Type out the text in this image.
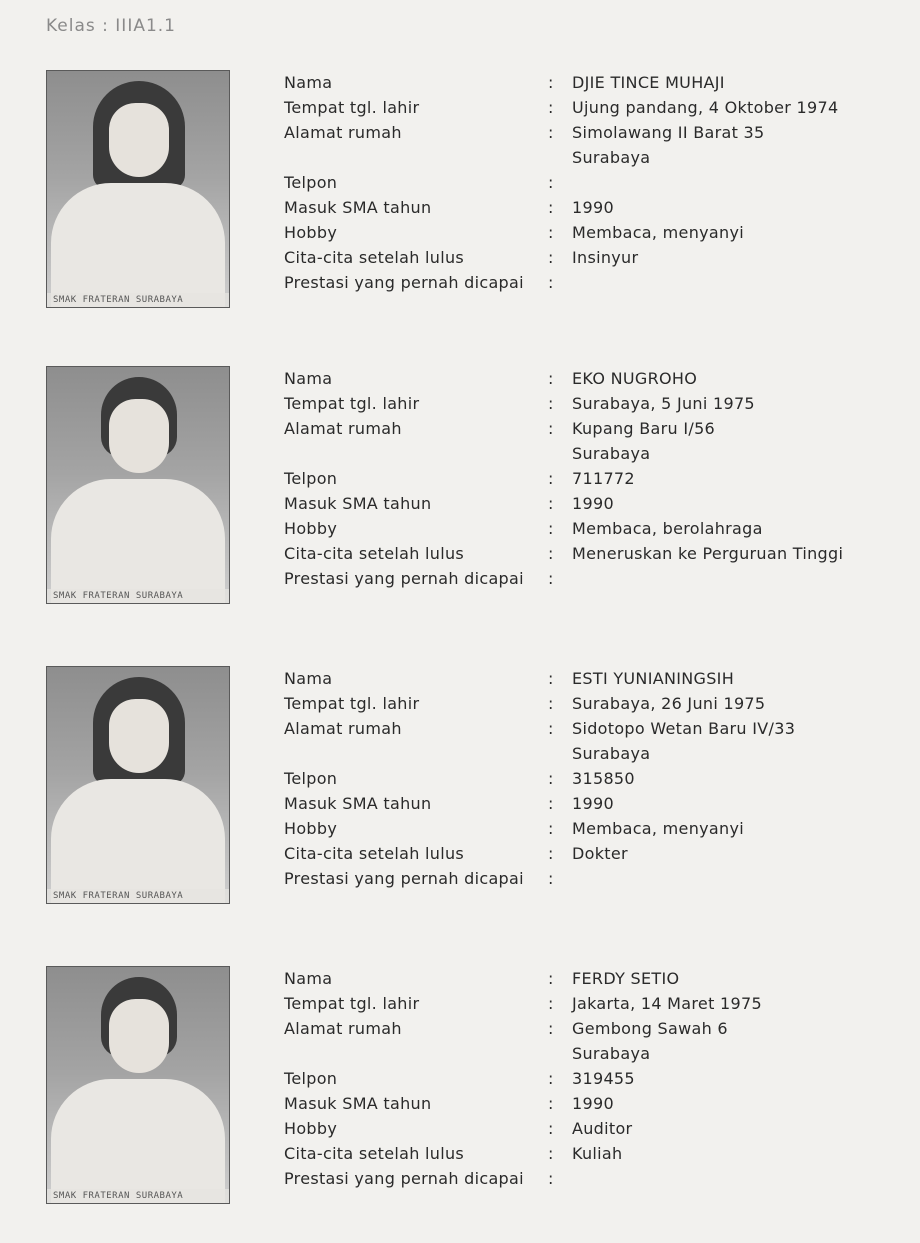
Kelas : IIIA1.1
SMAK FRATERAN SURABAYA
Nama	: DJIE TINCE MUHAJI
Tempat tgl. lahir	: Ujung pandang, 4 Oktober 1974
Alamat rumah	: Simolawang II Barat 35
Surabaya
Telpon	:
Masuk SMA tahun	: 1990
Hobby	: Membaca, menyanyi
Cita-cita setelah lulus	: Insinyur
Prestasi yang pernah dicapai :
SMAK FRATERAN SURABAYA
Nama	: EKO NUGROHO
Tempat tgl. lahir	: Surabaya, 5 Juni 1975
Alamat rumah	: Kupang Baru I/56
Surabaya
Telpon	: 711772
Masuk SMA tahun	: 1990
Hobby	: Membaca, berolahraga
Cita-cita setelah lulus	: Meneruskan ke Perguruan Tinggi
Prestasi yang pernah dicapai :
SMAK FRATERAN SURABAYA
Nama	: ESTI YUNIANINGSIH
Tempat tgl. lahir	: Surabaya, 26 Juni 1975
Alamat rumah	: Sidotopo Wetan Baru IV/33
Surabaya
Telpon	: 315850
Masuk SMA tahun	: 1990
Hobby	: Membaca, menyanyi
Cita-cita setelah lulus	: Dokter
Prestasi yang pernah dicapai :
SMAK FRATERAN SURABAYA
Nama	: FERDY SETIO
Tempat tgl. lahir	: Jakarta, 14 Maret 1975
Alamat rumah	: Gembong Sawah 6
Surabaya
Telpon	: 319455
Masuk SMA tahun	: 1990
Hobby	: Auditor
Cita-cita setelah lulus	: Kuliah
Prestasi yang pernah dicapai :
